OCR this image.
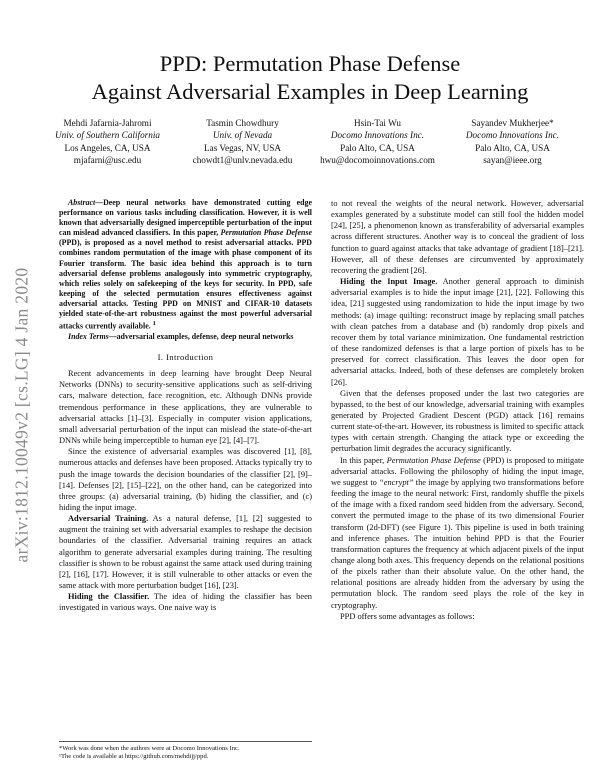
arXiv:1812.10049v2 [cs.LG] 4 Jan 2020
PPD: Permutation Phase Defense
Against Adversarial Examples in Deep Learning
Mehdi Jafarnia-Jahromi
Univ. of Southern California
Los Angeles, CA, USA
mjafarni@usc.edu
Tasmin Chowdhury
Univ. of Nevada
Las Vegas, NV, USA
chowdt1@unlv.nevada.edu
Hsin-Tai Wu
Docomo Innovations Inc.
Palo Alto, CA, USA
hwu@docomoinnovations.com
Sayandev Mukherjee*
Docomo Innovations Inc.
Palo Alto, CA, USA
sayan@ieee.org

Abstract—Deep neural networks have demonstrated cutting edge performance on various tasks including classification. However, it is well known that adversarially designed imperceptible perturbation of the input can mislead advanced classifiers. In this paper, Permutation Phase Defense (PPD), is proposed as a novel method to resist adversarial attacks. PPD combines random permutation of the image with phase component of its Fourier transform. The basic idea behind this approach is to turn adversarial defense problems analogously into symmetric cryptography, which relies solely on safekeeping of the keys for security. In PPD, safe keeping of the selected permutation ensures effectiveness against adversarial attacks. Testing PPD on MNIST and CIFAR-10 datasets yielded state-of-the-art robustness against the most powerful adversarial attacks currently available. $^1$

Index Terms—adversarial examples, defense, deep neural networks

I. Introduction

Recent advancements in deep learning have brought Deep Neural Networks (DNNs) to security-sensitive applications such as self-driving cars, malware detection, face recognition, etc. Although DNNs provide tremendous performance in these applications, they are vulnerable to adversarial attacks [1]–[3]. Especially in computer vision applications, small adversarial perturbation of the input can mislead the state-of-the-art DNNs while being imperceptible to human eye [2], [4]–[7].

Since the existence of adversarial examples was discovered [1], [8], numerous attacks and defenses have been proposed. Attacks typically try to push the image towards the decision boundaries of the classifier [2], [9]–[14]. Defenses [2], [15]–[22], on the other hand, can be categorized into three groups: (a) adversarial training, (b) hiding the classifier, and (c) hiding the input image.

Adversarial Training. As a natural defense, [1], [2] suggested to augment the training set with adversarial examples to reshape the decision boundaries of the classifier. Adversarial training requires an attack algorithm to generate adversarial examples during training. The resulting classifier is shown to be robust against the same attack used during training [2], [16], [17]. However, it is still vulnerable to other attacks or even the same attack with more perturbation budget [16], [23].

Hiding the Classifier. The idea of hiding the classifier has been investigated in various ways. One naive way is

*Work was done when the authors were at Docomo Innovations Inc.
¹The code is available at https://github.com/mehdijj/ppd.

to not reveal the weights of the neural network. However, adversarial examples generated by a substitute model can still fool the hidden model [24], [25], a phenomenon known as transferability of adversarial examples across different structures. Another way is to conceal the gradient of loss function to guard against attacks that take advantage of gradient [18]–[21]. However, all of these defenses are circumvented by approximately recovering the gradient [26].

Hiding the Input Image. Another general approach to diminish adversarial examples is to hide the input image [21], [22]. Following this idea, [21] suggested using randomization to hide the input image by two methods: (a) image quilting: reconstruct image by replacing small patches with clean patches from a database and (b) randomly drop pixels and recover them by total variance minimization. One fundamental restriction of these randomized defenses is that a large portion of pixels has to be preserved for correct classification. This leaves the door open for adversarial attacks. Indeed, both of these defenses are completely broken [26].

Given that the defenses proposed under the last two categories are bypassed, to the best of our knowledge, adversarial training with examples generated by Projected Gradient Descent (PGD) attack [16] remains current state-of-the-art. However, its robustness is limited to specific attack types with certain strength. Changing the attack type or exceeding the perturbation limit degrades the accuracy significantly.

In this paper, Permutation Phase Defense (PPD) is proposed to mitigate adversarial attacks. Following the philosophy of hiding the input image, we suggest to “encrypt” the image by applying two transformations before feeding the image to the neural network: First, randomly shuffle the pixels of the image with a fixed random seed hidden from the adversary. Second, convert the permuted image to the phase of its two dimensional Fourier transform (2d-DFT) (see Figure 1). This pipeline is used in both training and inference phases. The intuition behind PPD is that the Fourier transformation captures the frequency at which adjacent pixels of the input change along both axes. This frequency depends on the relational positions of the pixels rather than their absolute value. On the other hand, the relational positions are already hidden from the adversary by using the permutation block. The random seed plays the role of the key in cryptography.

PPD offers some advantages as follows:
